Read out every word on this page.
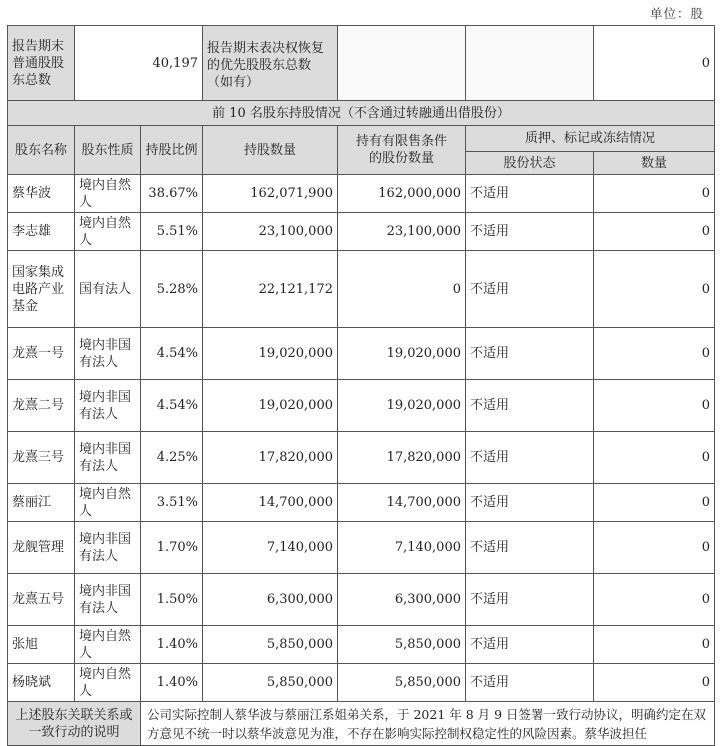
单位：股
报告期末普通股股东总数	40,197		报告期末表决权恢复的优先股股东总数（如有）			0
前 10 名股东持股情况（不含通过转融通出借股份）						
股东名称	股东性质	持股比例	持股数量	持有有限售条件的股份数量	质押、标记或冻结情况	
					股份状态	数量
蔡华波	境内自然人	38.67%	162,071,900	162,000,000	不适用	0
李志雄	境内自然人	5.51%	23,100,000	23,100,000	不适用	0
国家集成电路产业基金	国有法人	5.28%	22,121,172	0	不适用	0
龙熹一号	境内非国有法人	4.54%	19,020,000	19,020,000	不适用	0
龙熹二号	境内非国有法人	4.54%	19,020,000	19,020,000	不适用	0
龙熹三号	境内非国有法人	4.25%	17,820,000	17,820,000	不适用	0
蔡丽江	境内自然人	3.51%	14,700,000	14,700,000	不适用	0
龙舰管理	境内非国有法人	1.70%	7,140,000	7,140,000	不适用	0
龙熹五号	境内非国有法人	1.50%	6,300,000	6,300,000	不适用	0
张旭	境内自然人	1.40%	5,850,000	5,850,000	不适用	0
杨晓斌	境内自然人	1.40%	5,850,000	5,850,000	不适用	0
上述股东关联关系或一致行动的说明		公司实际控制人蔡华波与蔡丽江系姐弟关系，于 2021 年 8 月 9 日签署一致行动协议，明确约定在双方意见不统一时以蔡华波意见为准，不存在影响实际控制权稳定性的风险因素。蔡华波担任				
